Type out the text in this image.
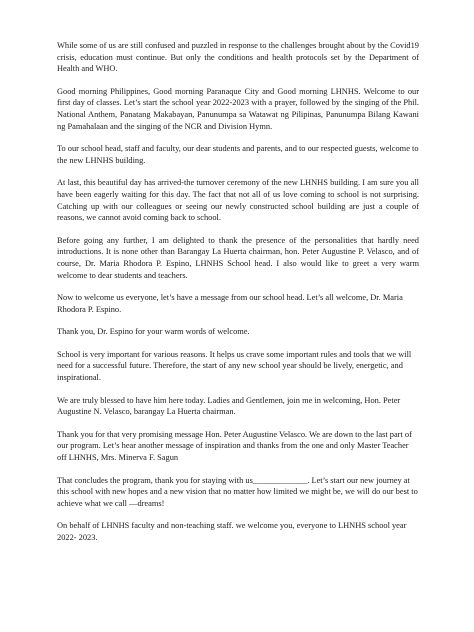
While some of us are still confused and puzzled in response to the challenges brought about by the Covid19 crisis, education must continue. But only the conditions and health protocols set by the Department of Health and WHO.

Good morning Philippines, Good morning Paranaque City and Good morning LHNHS. Welcome to our first day of classes. Let’s start the school year 2022-2023 with a prayer, followed by the singing of the Phil. National Anthem, Panatang Makabayan, Panunumpa sa Watawat ng Pilipinas, Panunumpa Bilang Kawani ng Pamahalaan and the singing of the NCR and Division Hymn.

To our school head, staff and faculty, our dear students and parents, and to our respected guests, welcome to the new LHNHS building.

At last, this beautiful day has arrived-the turnover ceremony of the new LHNHS building. I am sure you all have been eagerly waiting for this day. The fact that not all of us love coming to school is not surprising. Catching up with our colleagues or seeing our newly constructed school building are just a couple of reasons, we cannot avoid coming back to school.

Before going any further, I am delighted to thank the presence of the personalities that hardly need introductions. It is none other than Barangay La Huerta chairman, hon. Peter Augustine P. Velasco, and of course, Dr. Maria Rhodora P. Espino, LHNHS School head. I also would like to greet a very warm welcome to dear students and teachers.

Now to welcome us everyone, let’s have a message from our school head. Let’s all welcome, Dr. Maria Rhodora P. Espino.

Thank you, Dr. Espino for your warm words of welcome.

School is very important for various reasons. It helps us crave some important rules and tools that we will need for a successful future. Therefore, the start of any new school year should be lively, energetic, and inspirational.

We are truly blessed to have him here today. Ladies and Gentlemen, join me in welcoming, Hon. Peter Augustine N. Velasco, barangay La Huerta chairman.

Thank you for that very promising message Hon. Peter Augustine Velasco. We are down to the last part of our program. Let’s hear another message of inspiration and thanks from the one and only Master Teacher off LHNHS, Mrs. Minerva F. Sagun

That concludes the program, thank you for staying with us_____________. Let’s start our new journey at this school with new hopes and a new vision that no matter how limited we might be, we will do our best to achieve what we call —dreams!

On behalf of LHNHS faculty and non-teaching staff. we welcome you, everyone to LHNHS school year 2022- 2023.
